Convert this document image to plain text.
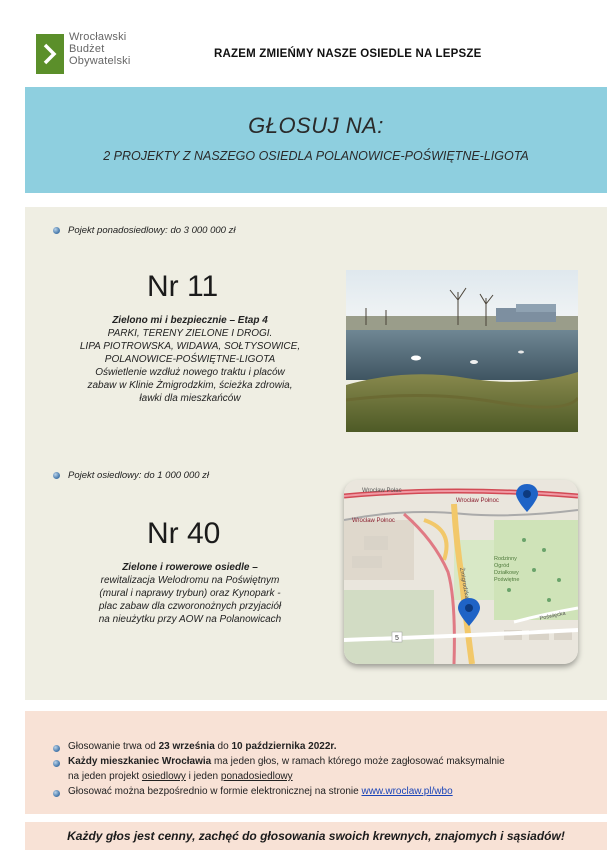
Wrocławski
Budżet
Obywatelski
RAZEM ZMIEŃMY NASZE OSIEDLE NA LEPSZE
GŁOSUJ NA:
2 PROJEKTY Z NASZEGO OSIEDLA POLANOWICE-POŚWIĘTNE-LIGOTA
Pojekt ponadosiedlowy: do 3 000 000 zł
Nr 11
Zielono mi i bezpiecznie – Etap 4
PARKI, TERENY ZIELONE I DROGI.
LIPA PIOTROWSKA, WIDAWA, SOŁTYSOWICE,
POLANOWICE-POŚWIĘTNE-LIGOTA
Oświetlenie wzdłuż nowego traktu i placów
zabaw w Klinie Żmigrodzkim, ścieżka zdrowia,
ławki dla mieszkańców
Pojekt osiedlowy: do 1 000 000 zł
Nr 40
Zielone i rowerowe osiedle –
rewitalizacja Welodromu na Poświętnym
(mural i naprawy trybun) oraz Kynopark -
plac zabaw dla czworonożnych przyjaciół
na nieużytku przy AOW na Polanowicach
5
Wrocław Połac
Wrocław Połnoc
Wrocław Połnoc
Żmigrodzka
Rodzinny
Ogród
Działkowy
Poświętne
Poświęcka
Głosowanie trwa od 23 września do 10 października 2022r.
Każdy mieszkaniec Wrocławia ma jeden głos, w ramach którego może zagłosować maksymalnie
na jeden projekt osiedlowy i jeden ponadosiedlowy
Głosować można bezpośrednio w formie elektronicznej na stronie www.wroclaw.pl/wbo
Każdy głos jest cenny, zachęć do głosowania swoich krewnych, znajomych i sąsiadów!
